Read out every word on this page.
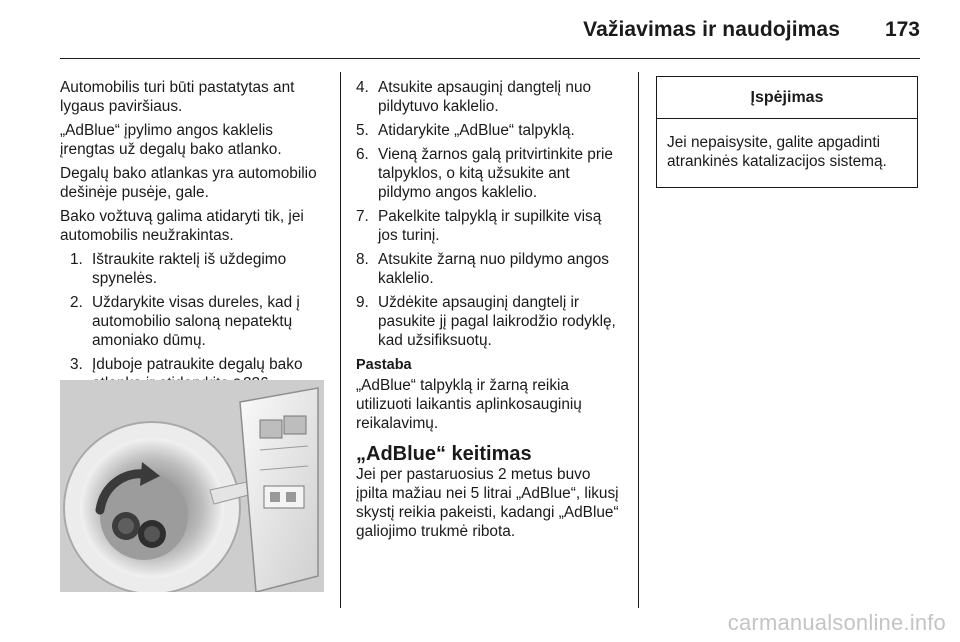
Važiavimas ir naudojimas 173

Automobilis turi būti pastatytas ant lygaus paviršiaus.

„AdBlue“ įpylimo angos kaklelis įrengtas už degalų bako atlanko.

Degalų bako atlankas yra automobilio dešinėje pusėje, gale.

Bako vožtuvą galima atidaryti tik, jei automobilis neužrakintas.

1. Ištraukite raktelį iš uždegimo spynelės.
2. Uždarykite visas dureles, kad į automobilio saloną nepatektų amoniako dūmų.
3. Įduboje patraukite degalų bako
4. Atsukite apsauginį dangtelį nuo pildytuvo kaklelio.
5. Atidarykite „AdBlue“ talpyklą.
6. Vieną žarnos galą pritvirtinkite prie talpyklos, o kitą užsukite ant pildymo angos kaklelio.
7. Pakelkite talpyklą ir supilkite visą jos turinį.
8. Atsukite žarną nuo pildymo angos kaklelio.
9. Uždėkite apsauginį dangtelį ir pasukite jį pagal laikrodžio rodyklę, kad užsifiksuotų.
Pastaba

„AdBlue“ talpyklą ir žarną reikia utilizuoti laikantis aplinkosauginių reikalavimų.

„AdBlue“ keitimas

Jei per pastaruosius 2 metus buvo įpilta mažiau nei 5 litrai „AdBlue“, likusį skystį reikia pakeisti, kadangi „AdBlue“ galiojimo trukmė ribota.

Įspėjimas
Jei nepaisysite, galite apgadinti atrankinės katalizacijos sistemą.
carmanualsonline.info
